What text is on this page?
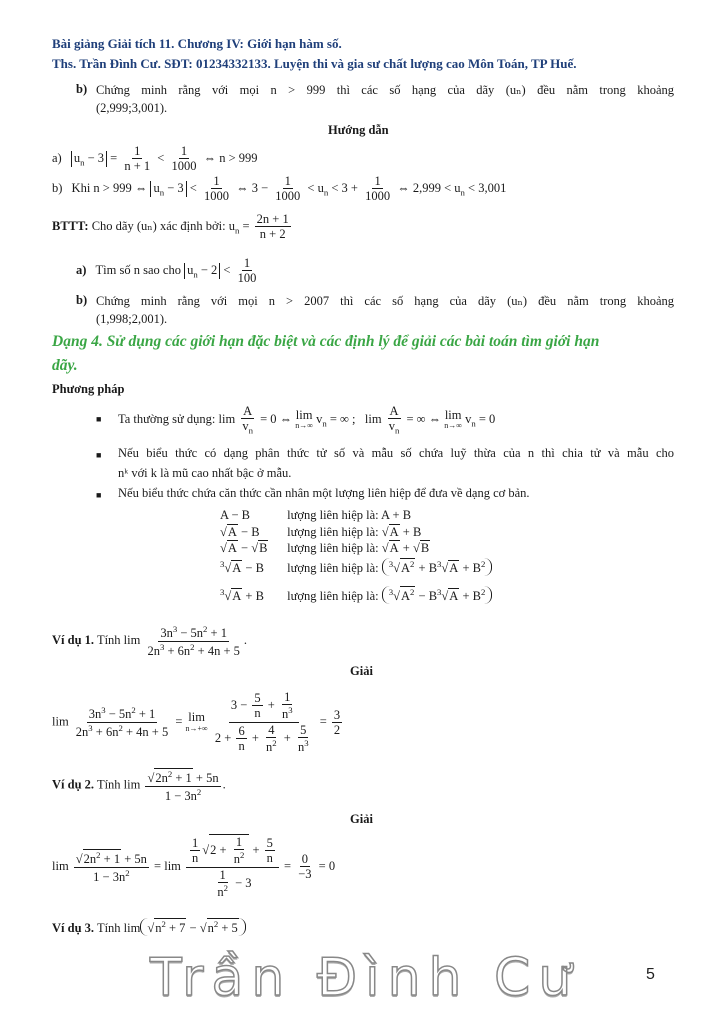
Bài giảng Giải tích 11. Chương IV: Giới hạn hàm số.
Ths. Trần Đình Cư. SĐT: 01234332133. Luyện thi và gia sư chất lượng cao Môn Toán, TP Huế.
b) Chứng minh rằng với mọi n > 999 thì các số hạng của dãy (uₙ) đều nằm trong khoảng
(2,999;3,001).
Hướng dẫn
a) $u_n - 3 = \frac{1}{n + 1} < \frac{1}{1000}$ ⇔ n > 999
b) Khi n > 999 ⇔ $u_n - 3 < \frac{1}{1000}$ ⇔ $3 - \frac{1}{1000} < u_n < 3 + \frac{1}{1000}$ ⇔ $2,999 < u_n < 3,001$
BTTT: Cho dãy (uₙ) xác định bởi: $u_n = \frac{2n + 1}{n + 2}$
a) Tìm số n sao cho $u_n - 2 < \frac{1}{100}$
b) Chứng minh rằng với mọi n > 2007 thì các số hạng của dãy (uₙ) đều nằm trong khoảng
(1,998;2,001).
Dạng 4. Sử dụng các giới hạn đặc biệt và các định lý để giải các bài toán tìm giới hạn
dãy.
Phương pháp
■ Ta thường sử dụng: $\lim \frac{A}{v_n} = 0$ ⇔ lim
n→∞
$v_n$ = ∞ ;   $\lim \frac{A}{v_n}$ = ∞ ⇔ lim
n→∞
$v_n = 0$
■ Nếu biểu thức có dạng phân thức tử số và mẫu số chứa luỹ thừa của n thì chia tử và mẫu cho
nᵏ với k là mũ cao nhất bậc ở mẫu.
■ Nếu biểu thức chứa căn thức cần nhân một lượng liên hiệp để đưa về dạng cơ bản.
A − B	lượng liên hiệp là: A + B
√A − B lượng liên hiệp là: √A + B
√A − √B lượng liên hiệp là: √A + √B
$^3$√A − B lượng liên hiệp là: $^3√A^2 + B^3√A + B^2$
$^3$√A + B lượng liên hiệp là: $^3√A^2 - B^3√A + B^2$
Ví dụ 1. Tính $\lim \frac{3n^3 - 5n^2 + 1}{2n^3 + 6n^2 + 4n + 5}$ .
Giải
$\lim \frac{3n^3 - 5n^2 + 1}{2n^3 + 6n^2 + 4n + 5} = \lim$
n→+∞
$\frac{3 - \frac{5}{n} + \frac{1}{n^3}}{2 + \frac{6}{n} + \frac{4}{n^2} + \frac{5}{n^3}} = \frac{3}{2}$
Ví dụ 2. Tính $\lim \frac{√2n^2 + 1 + 5n}{1 - 3n^2}$ .
Giải
$\lim \frac{√2n^2 + 1 + 5n}{1 - 3n^2} = \lim \frac{\frac{1}{n} √2 + \frac{1}{n^2} + \frac{5}{n}}{\frac{1}{n^2} - 3} = \frac{0}{-3} = 0$
Ví dụ 3. Tính $\lim √n^2 + 7 - √n^2 + 5$
Trần Đình Cư	5
